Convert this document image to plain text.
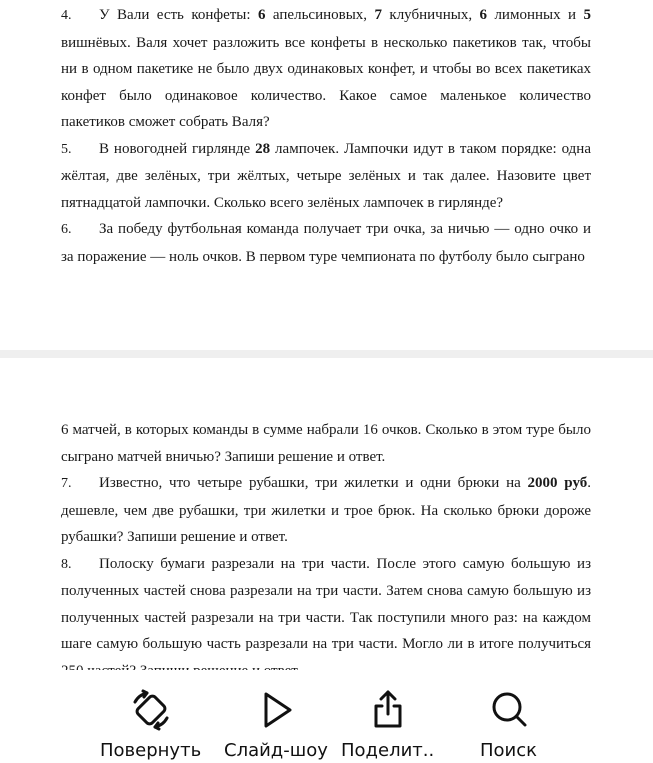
4. У Вали есть конфеты: 6 апельсиновых, 7 клубничных, 6 лимонных и 5 вишнёвых. Валя хочет разложить все конфеты в несколько пакетиков так, чтобы ни в одном пакетике не было двух одинаковых конфет, и чтобы во всех пакетиках конфет было одинаковое количество. Какое самое маленькое количество пакетиков сможет собрать Валя?

5. В новогодней гирлянде 28 лампочек. Лампочки идут в таком порядке: одна жёлтая, две зелёных, три жёлтых, четыре зелёных и так далее. Назовите цвет пятнадцатой лампочки. Сколько всего зелёных лампочек в гирлянде?

6. За победу футбольная команда получает три очка, за ничью — одно очко и за поражение — ноль очков. В первом туре чемпионата по футболу было сыграно

6 матчей, в которых команды в сумме набрали 16 очков. Сколько в этом туре было сыграно матчей вничью? Запиши решение и ответ.

7. Известно, что четыре рубашки, три жилетки и одни брюки на 2000 руб. дешевле, чем две рубашки, три жилетки и трое брюк. На сколько брюки дороже рубашки? Запиши решение и ответ.

8. Полоску бумаги разрезали на три части. После этого самую большую из полученных частей снова разрезали на три части. Затем снова самую большую из полученных частей разрезали на три части. Так поступили много раз: на каждом шаге самую большую часть разрезали на три части. Могло ли в итоге получиться

Повернуть Слайд-шоу Поделит..	Поиск
